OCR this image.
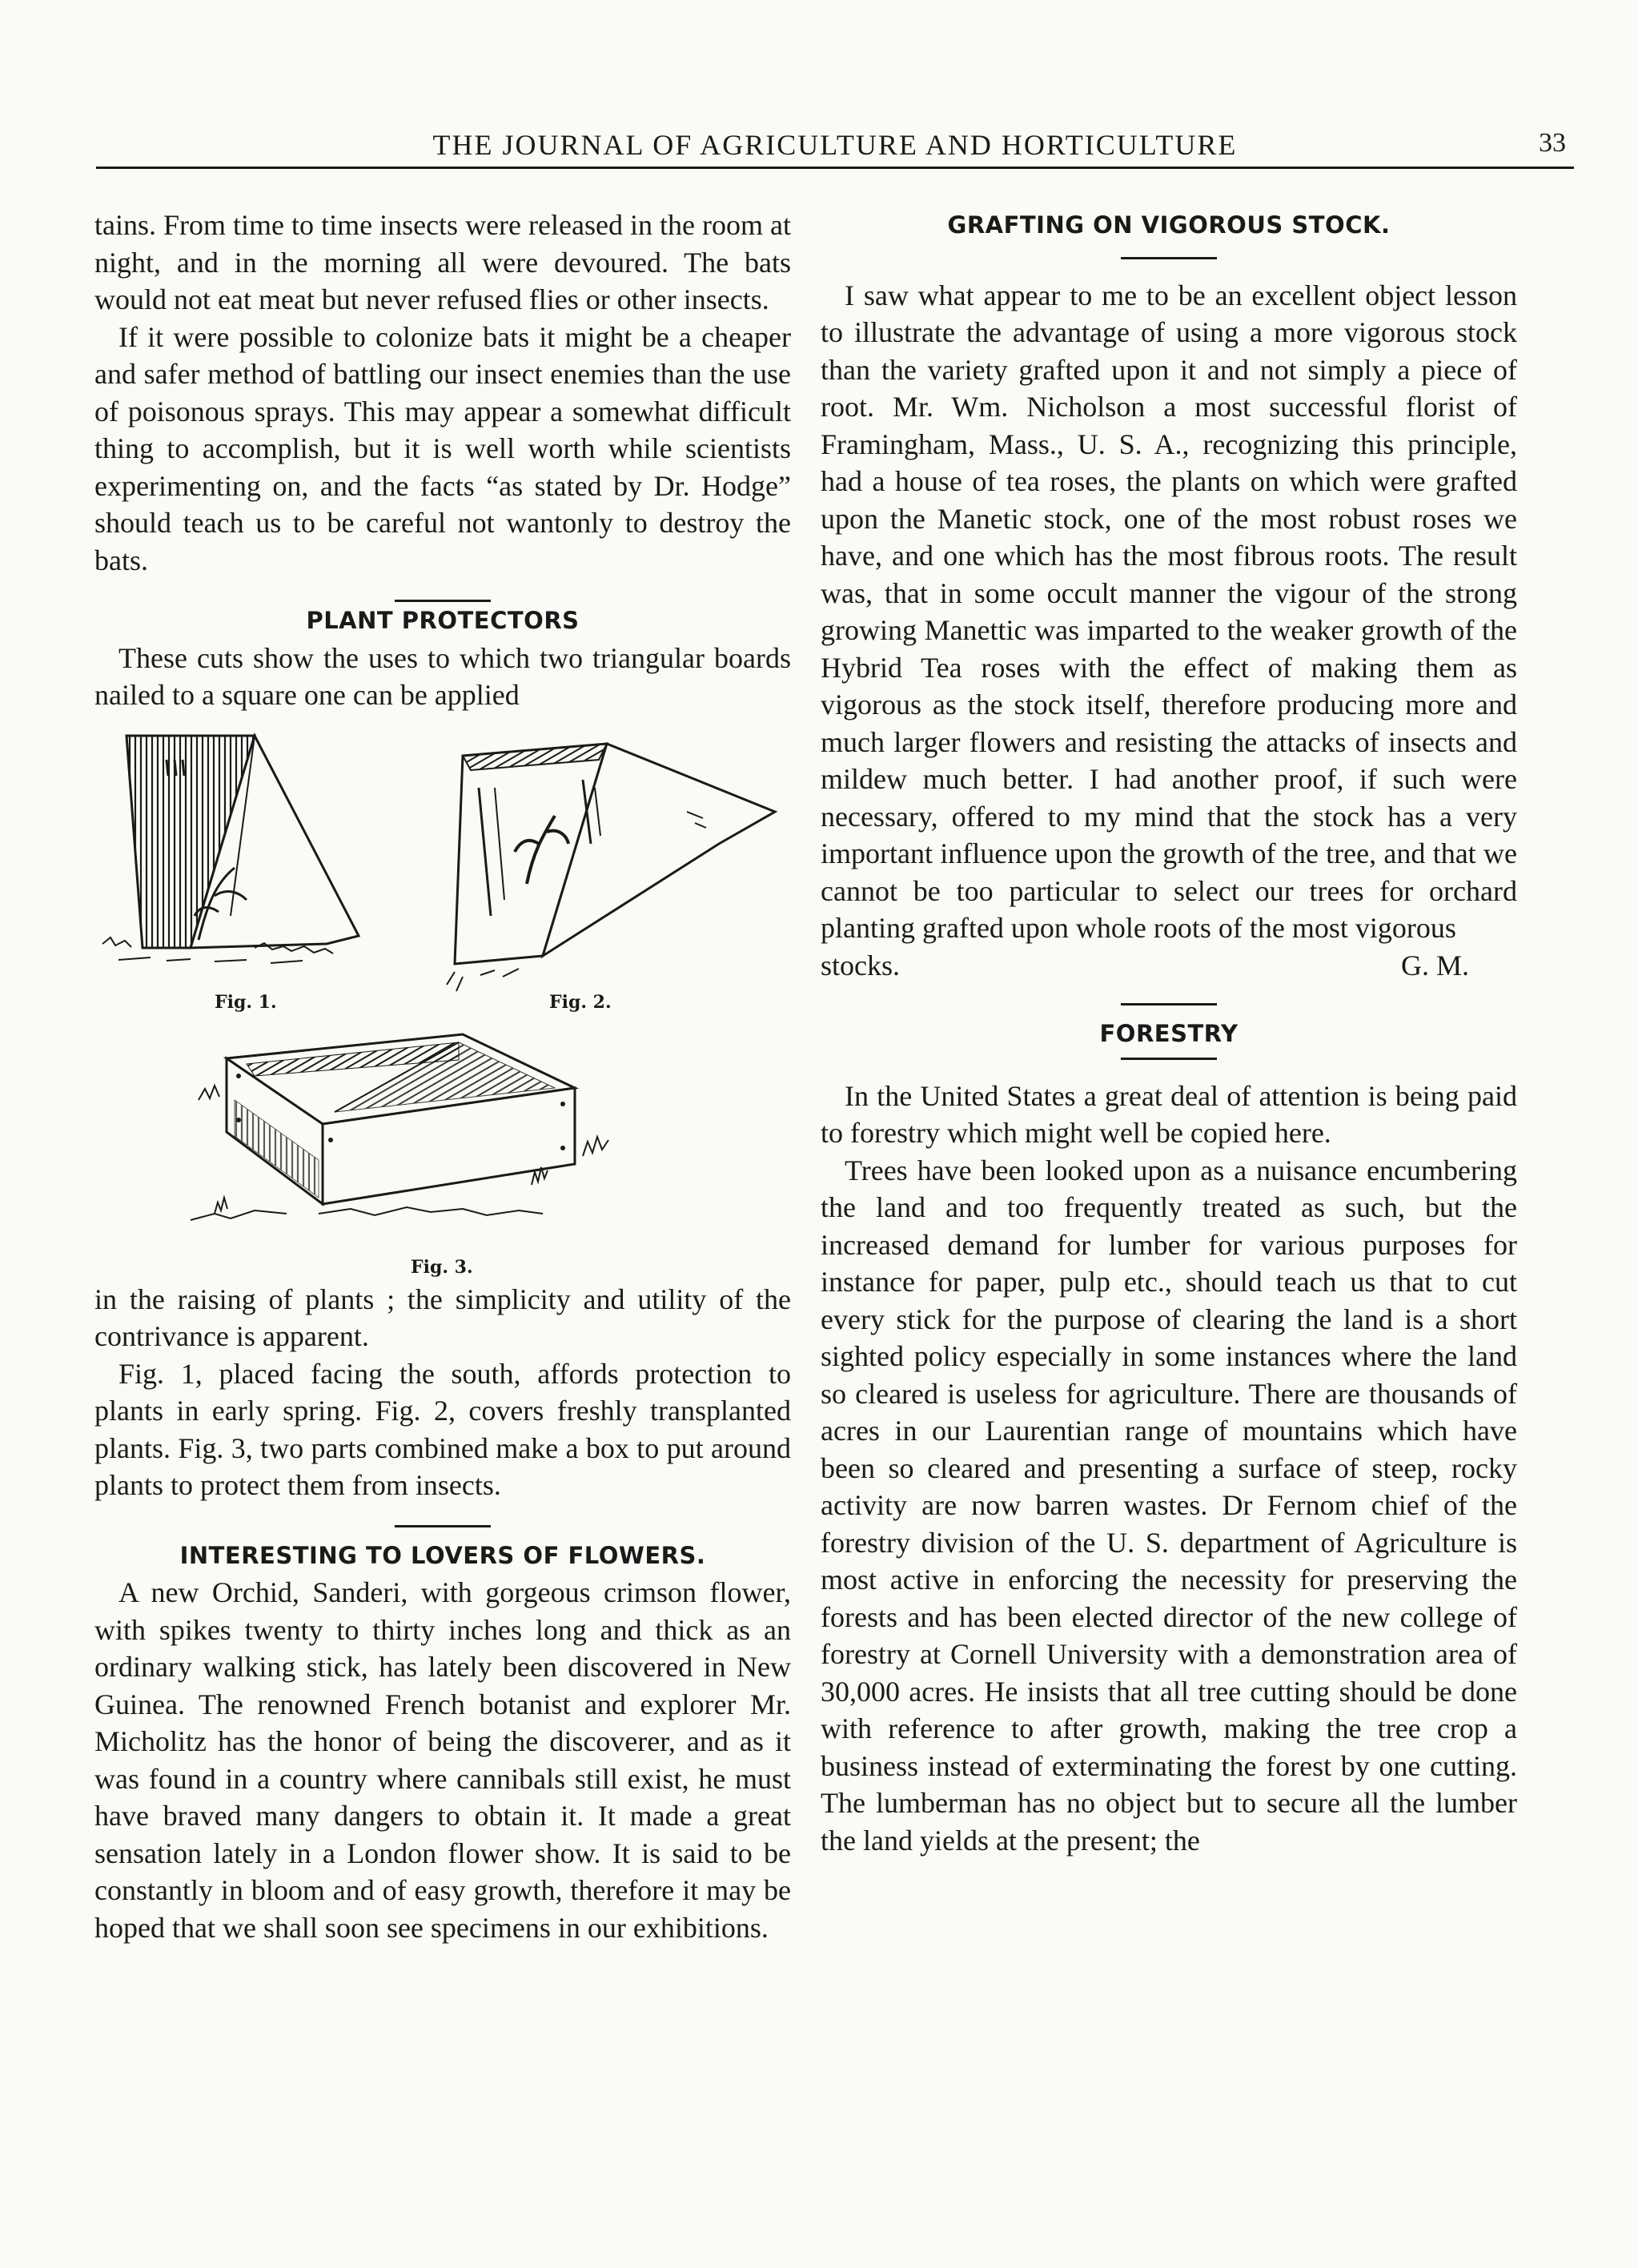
THE JOURNAL OF AGRICULTURE AND HORTICULTURE	33

tains. From time to time insects were released in the room at night, and in the morning all were devoured. The bats would not eat meat but never refused flies or other insects.

If it were possible to colonize bats it might be a cheaper and safer method of battling our insect enemies than the use of poisonous sprays. This may appear a somewhat difficult thing to accomplish, but it is well worth while scientists experimenting on, and the facts “as stated by Dr. Hodge” should teach us to be careful not wantonly to destroy the bats.

PLANT PROTECTORS

These cuts show the uses to which two triangular boards nailed to a square one can be applied

Fig. 1.	Fig. 2.
Fig. 3.

in the raising of plants ; the simplicity and utility of the contrivance is apparent.

Fig. 1, placed facing the south, affords protection to plants in early spring. Fig. 2, covers freshly transplanted plants. Fig. 3, two parts combined make a box to put around plants to protect them from insects.

INTERESTING TO LOVERS OF FLOWERS.

A new Orchid, Sanderi, with gorgeous crimson flower, with spikes twenty to thirty inches long and thick as an ordinary walking stick, has lately been discovered in New Guinea. The renowned French botanist and explorer Mr. Micholitz has the honor of being the discoverer, and as it was found in a country where cannibals still exist, he must have braved many dangers to obtain it. It made a great sensation lately in a London flower show. It is said to be constantly in bloom and of easy growth, therefore it may be hoped that we shall soon see specimens in our exhibitions.

GRAFTING ON VIGOROUS STOCK.

I saw what appear to me to be an excellent object lesson to illustrate the advantage of using a more vigorous stock than the variety grafted upon it and not simply a piece of root. Mr. Wm. Nicholson a most successful florist of Framingham, Mass., U. S. A., recognizing this principle, had a house of tea roses, the plants on which were grafted upon the Manetic stock, one of the most robust roses we have, and one which has the most fibrous roots. The result was, that in some occult manner the vigour of the strong growing Manettic was imparted to the weaker growth of the Hybrid Tea roses with the effect of making them as vigorous as the stock itself, therefore producing more and much larger flowers and resisting the attacks of insects and mildew much better. I had another proof, if such were necessary, offered to my mind that the stock has a very important influence upon the growth of the tree, and that we cannot be too particular to select our trees for orchard planting grafted upon whole roots of the most vigorous

stocks.	G. M.
FORESTRY

In the United States a great deal of attention is being paid to forestry which might well be copied here.

Trees have been looked upon as a nuisance encumbering the land and too frequently treated as such, but the increased demand for lumber for various purposes for instance for paper, pulp etc., should teach us that to cut every stick for the purpose of clearing the land is a short sighted policy especially in some instances where the land so cleared is useless for agriculture. There are thousands of acres in our Laurentian range of mountains which have been so cleared and presenting a surface of steep, rocky activity are now barren wastes. Dr Fernom chief of the forestry division of the U. S. department of Agriculture is most active in enforcing the necessity for preserving the forests and has been elected director of the new college of forestry at Cornell University with a demonstration area of 30,000 acres. He insists that all tree cutting should be done with reference to after growth, making the tree crop a business instead of exterminating the forest by one cutting. The lumberman has no object but to secure all the lumber the land yields at the present; the
